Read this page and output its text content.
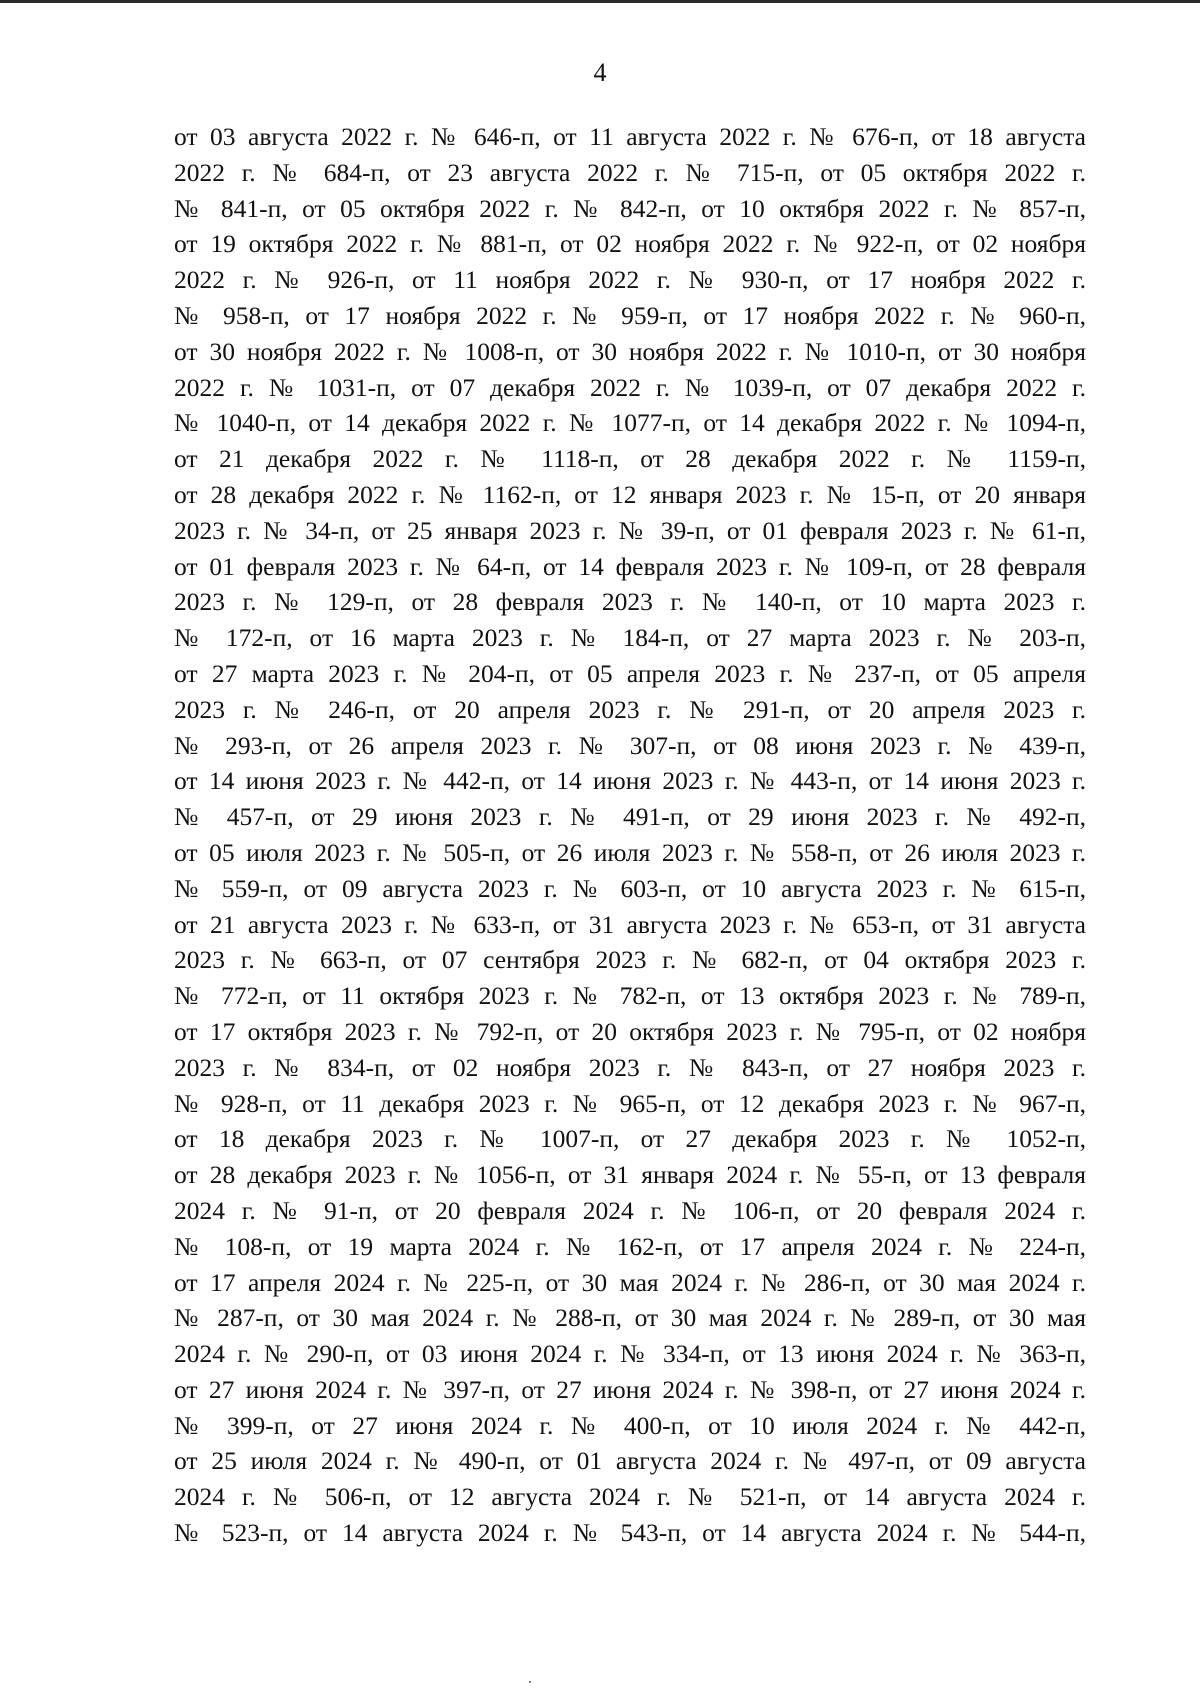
4
от 03 августа 2022 г. № 646-п, от 11 августа 2022 г. № 676-п, от 18 августа
2022 г. № 684-п, от 23 августа 2022 г. № 715-п, от 05 октября 2022 г.
№ 841-п, от 05 октября 2022 г. № 842-п, от 10 октября 2022 г. № 857-п,
от 19 октября 2022 г. № 881-п, от 02 ноября 2022 г. № 922-п, от 02 ноября
2022 г. № 926-п, от 11 ноября 2022 г. № 930-п, от 17 ноября 2022 г.
№ 958-п, от 17 ноября 2022 г. № 959-п, от 17 ноября 2022 г. № 960-п,
от 30 ноября 2022 г. № 1008-п, от 30 ноября 2022 г. № 1010-п, от 30 ноября
2022 г. № 1031-п, от 07 декабря 2022 г. № 1039-п, от 07 декабря 2022 г.
№ 1040-п, от 14 декабря 2022 г. № 1077-п, от 14 декабря 2022 г. № 1094-п,
от 21 декабря 2022 г. № 1118-п, от 28 декабря 2022 г. № 1159-п,
от 28 декабря 2022 г. № 1162-п, от 12 января 2023 г. № 15-п, от 20 января
2023 г. № 34-п, от 25 января 2023 г. № 39-п, от 01 февраля 2023 г. № 61-п,
от 01 февраля 2023 г. № 64-п, от 14 февраля 2023 г. № 109-п, от 28 февраля
2023 г. № 129-п, от 28 февраля 2023 г. № 140-п, от 10 марта 2023 г.
№ 172-п, от 16 марта 2023 г. № 184-п, от 27 марта 2023 г. № 203-п,
от 27 марта 2023 г. № 204-п, от 05 апреля 2023 г. № 237-п, от 05 апреля
2023 г. № 246-п, от 20 апреля 2023 г. № 291-п, от 20 апреля 2023 г.
№ 293-п, от 26 апреля 2023 г. № 307-п, от 08 июня 2023 г. № 439-п,
от 14 июня 2023 г. № 442-п, от 14 июня 2023 г. № 443-п, от 14 июня 2023 г.
№ 457-п, от 29 июня 2023 г. № 491-п, от 29 июня 2023 г. № 492-п,
от 05 июля 2023 г. № 505-п, от 26 июля 2023 г. № 558-п, от 26 июля 2023 г.
№ 559-п, от 09 августа 2023 г. № 603-п, от 10 августа 2023 г. № 615-п,
от 21 августа 2023 г. № 633-п, от 31 августа 2023 г. № 653-п, от 31 августа
2023 г. № 663-п, от 07 сентября 2023 г. № 682-п, от 04 октября 2023 г.
№ 772-п, от 11 октября 2023 г. № 782-п, от 13 октября 2023 г. № 789-п,
от 17 октября 2023 г. № 792-п, от 20 октября 2023 г. № 795-п, от 02 ноября
2023 г. № 834-п, от 02 ноября 2023 г. № 843-п, от 27 ноября 2023 г.
№ 928-п, от 11 декабря 2023 г. № 965-п, от 12 декабря 2023 г. № 967-п,
от 18 декабря 2023 г. № 1007-п, от 27 декабря 2023 г. № 1052-п,
от 28 декабря 2023 г. № 1056-п, от 31 января 2024 г. № 55-п, от 13 февраля
2024 г. № 91-п, от 20 февраля 2024 г. № 106-п, от 20 февраля 2024 г.
№ 108-п, от 19 марта 2024 г. № 162-п, от 17 апреля 2024 г. № 224-п,
от 17 апреля 2024 г. № 225-п, от 30 мая 2024 г. № 286-п, от 30 мая 2024 г.
№ 287-п, от 30 мая 2024 г. № 288-п, от 30 мая 2024 г. № 289-п, от 30 мая
2024 г. № 290-п, от 03 июня 2024 г. № 334-п, от 13 июня 2024 г. № 363-п,
от 27 июня 2024 г. № 397-п, от 27 июня 2024 г. № 398-п, от 27 июня 2024 г.
№ 399-п, от 27 июня 2024 г. № 400-п, от 10 июля 2024 г. № 442-п,
от 25 июля 2024 г. № 490-п, от 01 августа 2024 г. № 497-п, от 09 августа
2024 г. № 506-п, от 12 августа 2024 г. № 521-п, от 14 августа 2024 г.
№ 523-п, от 14 августа 2024 г. № 543-п, от 14 августа 2024 г. № 544-п,
